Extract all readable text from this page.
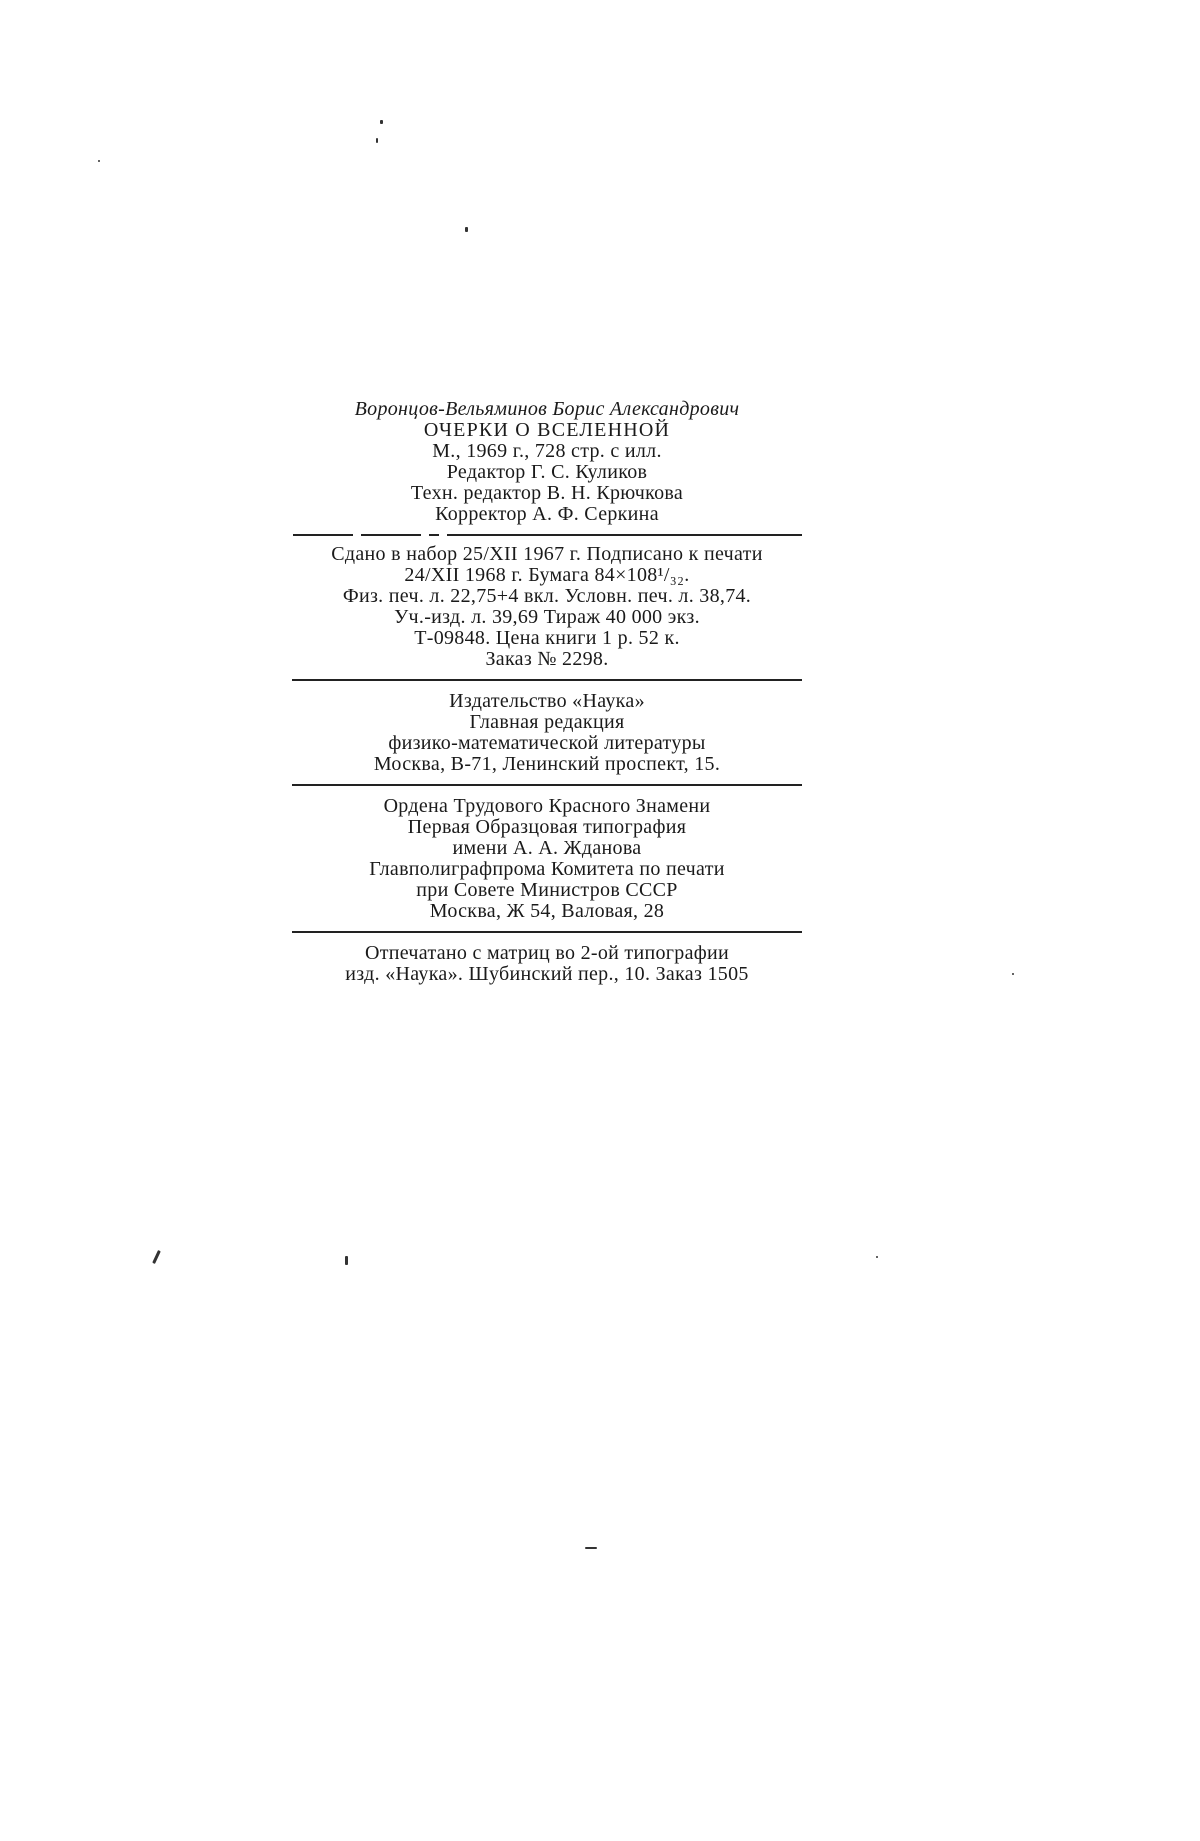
Воронцов-Вельяминов Борис Александрович
ОЧЕРКИ О ВСЕЛЕННОЙ
М., 1969 г., 728 стр. с илл.
Редактор Г. С. Куликов
Техн. редактор В. Н. Крючкова
Корректор А. Ф. Серкина
Сдано в набор 25/XII 1967 г. Подписано к печати
24/XII 1968 г. Бумага 84×108¹/₃₂.
Физ. печ. л. 22,75+4 вкл. Условн. печ. л. 38,74.
Уч.-изд. л. 39,69 Тираж 40 000 экз.
Т-09848. Цена книги 1 р. 52 к.
Заказ № 2298.
Издательство «Наука»
Главная редакция
физико-математической литературы
Москва, В-71, Ленинский проспект, 15.
Ордена Трудового Красного Знамени
Первая Образцовая типография
имени А. А. Жданова
Главполиграфпрома Комитета по печати
при Совете Министров СССР
Москва, Ж 54, Валовая, 28
Отпечатано с матриц во 2-ой типографии
изд. «Наука». Шубинский пер., 10. Заказ 1505
